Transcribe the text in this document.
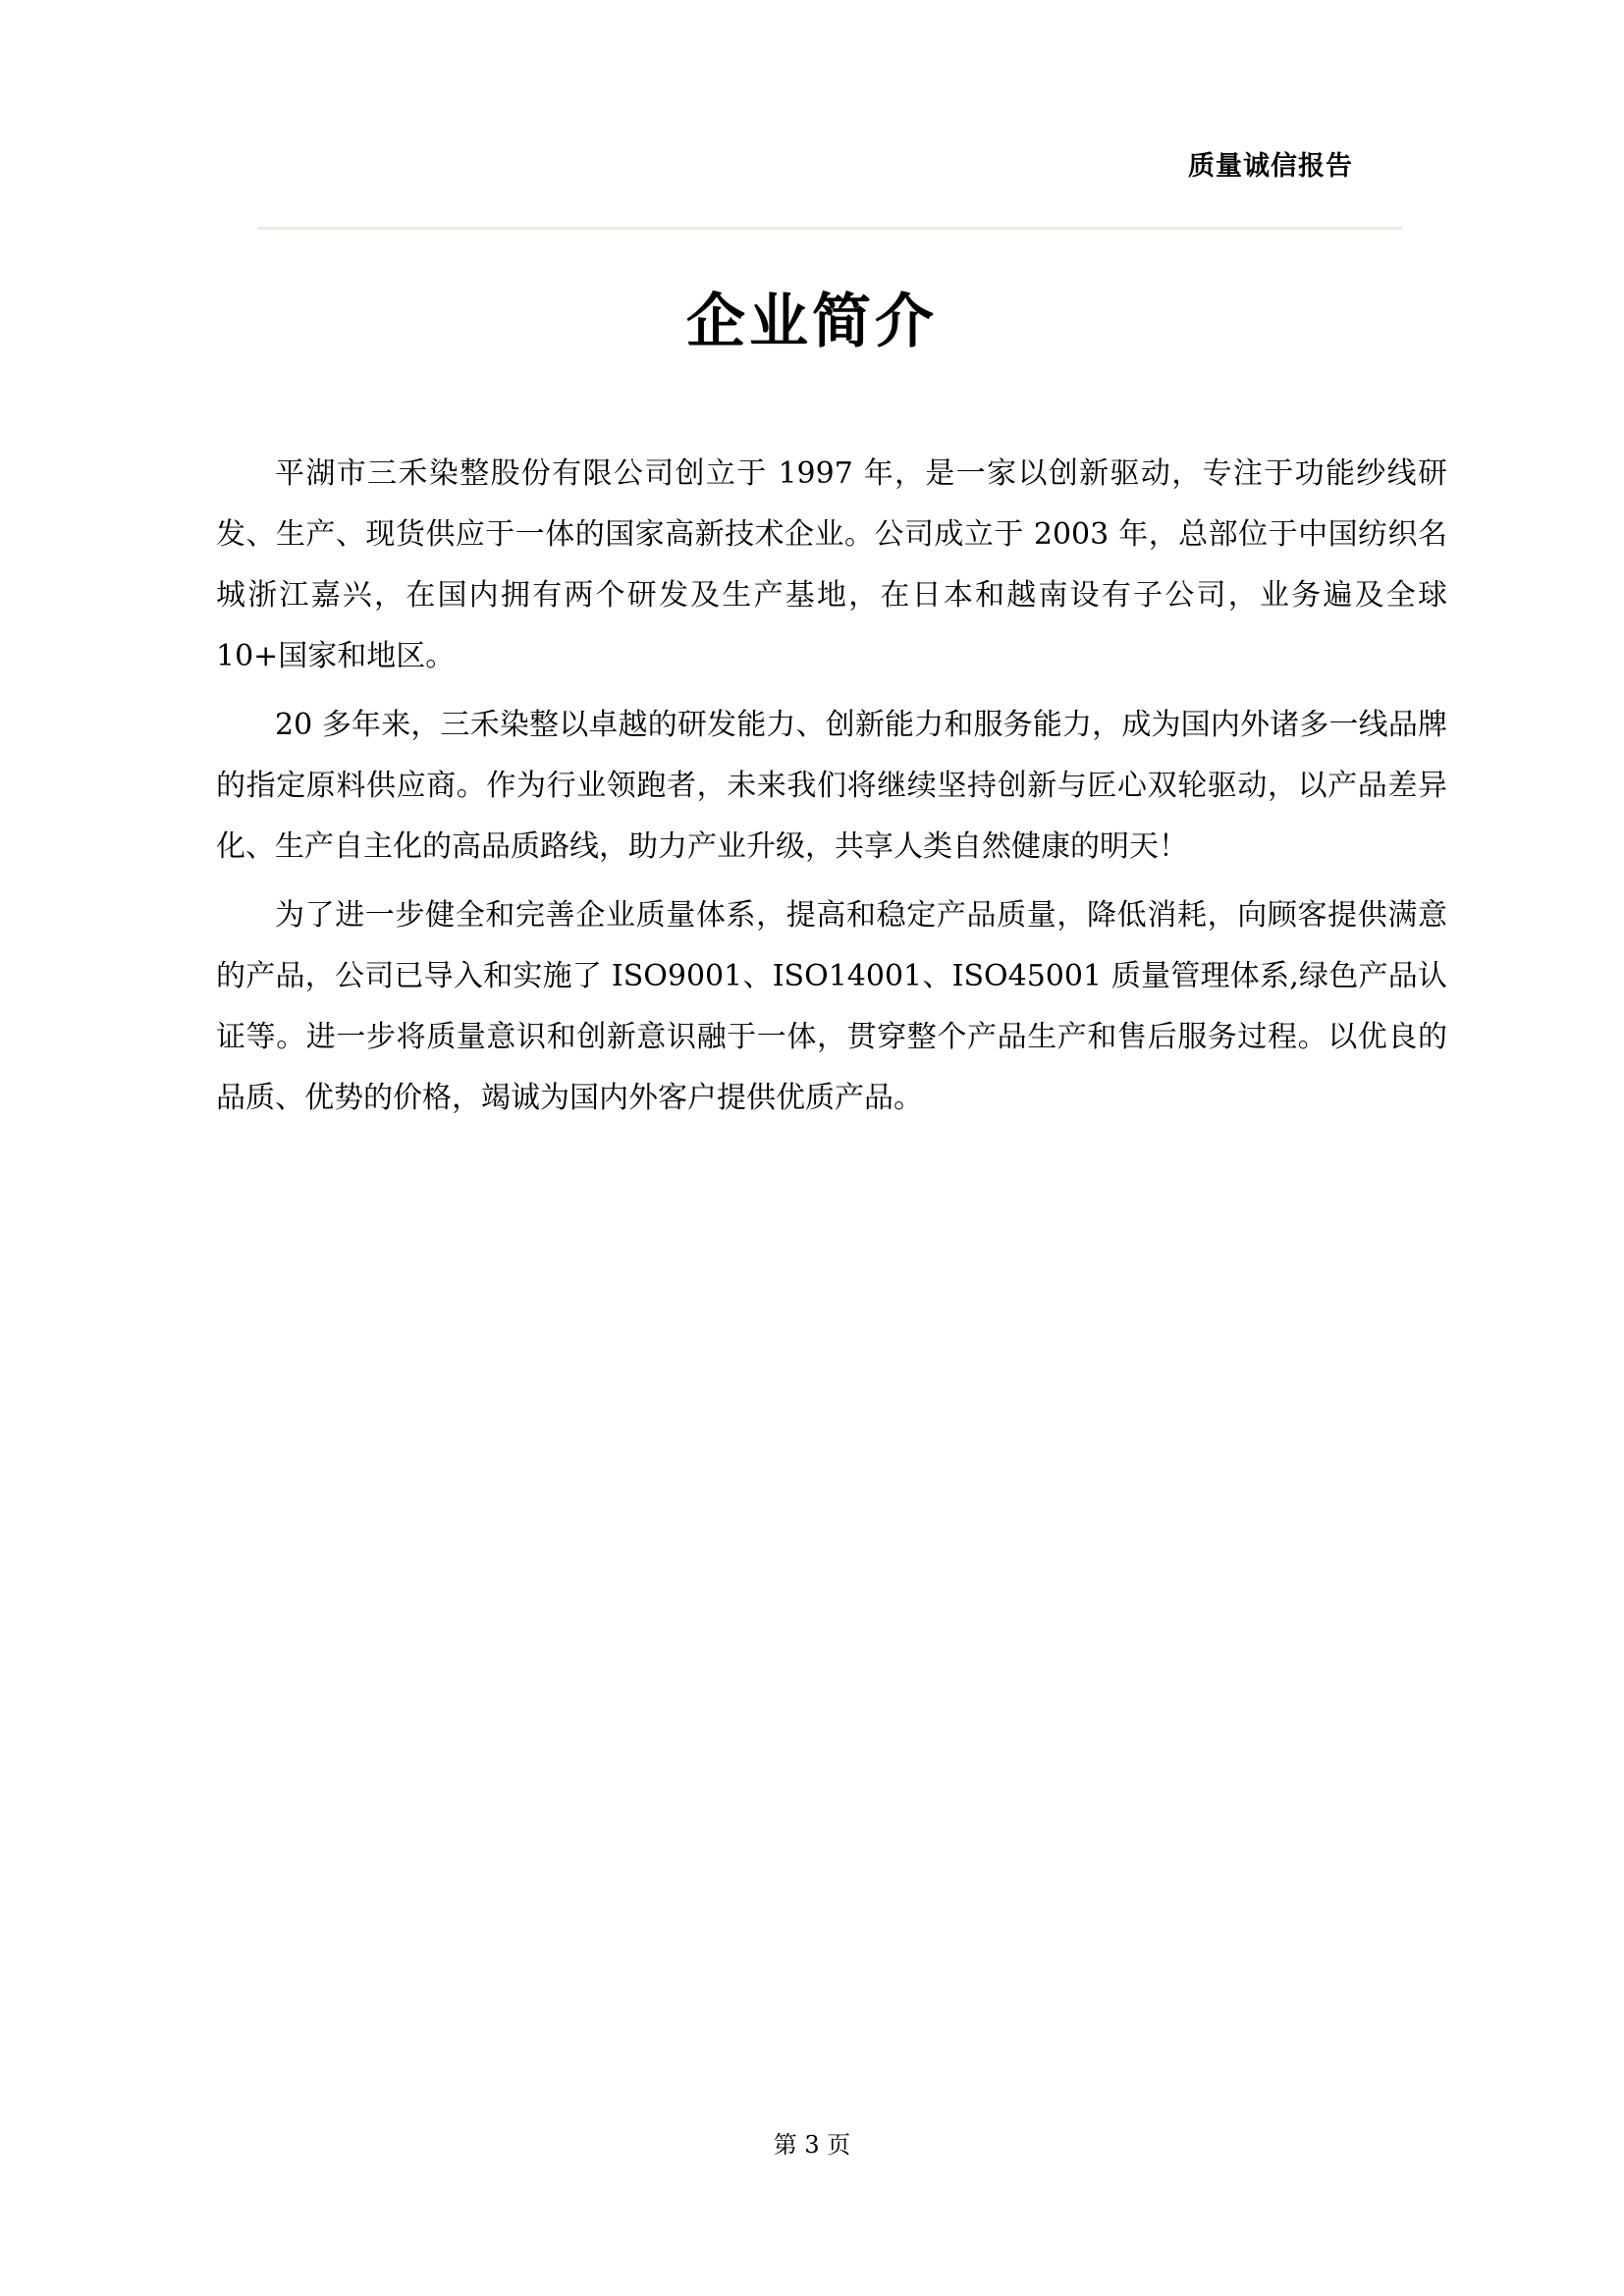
质量诚信报告
企业简介

平湖市三禾染整股份有限公司创立于 1997 年，是一家以创新驱动，专注于功能纱线研发、生产、现货供应于一体的国家高新技术企业。公司成立于 2003 年，总部位于中国纺织名城浙江嘉兴，在国内拥有两个研发及生产基地，在日本和越南设有子公司，业务遍及全球 10+国家和地区。

20 多年来，三禾染整以卓越的研发能力、创新能力和服务能力，成为国内外诸多一线品牌的指定原料供应商。作为行业领跑者，未来我们将继续坚持创新与匠心双轮驱动，以产品差异化、生产自主化的高品质路线，助力产业升级，共享人类自然健康的明天！

为了进一步健全和完善企业质量体系，提高和稳定产品质量，降低消耗，向顾客提供满意的产品，公司已导入和实施了 ISO9001、ISO14001、ISO45001 质量管理体系,绿色产品认证等。进一步将质量意识和创新意识融于一体，贯穿整个产品生产和售后服务过程。以优良的品质、优势的价格，竭诚为国内外客户提供优质产品。

第 3 页
